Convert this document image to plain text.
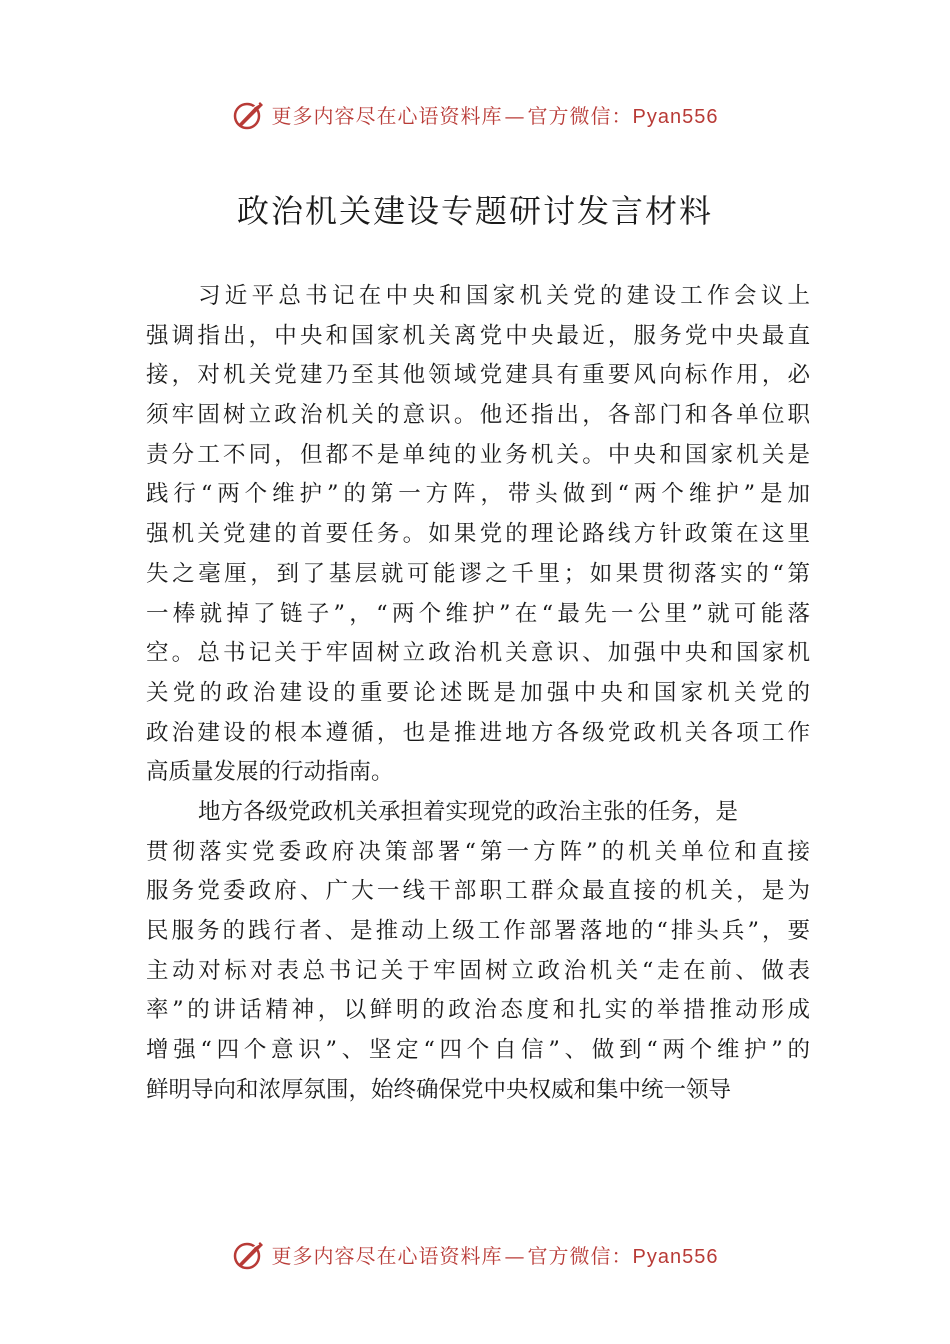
更多内容尽在心语资料库 — 官方微信：Pyan556
政治机关建设专题研讨发言材料
习近平总书记在中央和国家机关党的建设工作会议上
强调指出，中央和国家机关离党中央最近，服务党中央最直
接，对机关党建乃至其他领域党建具有重要风向标作用，必
须牢固树立政治机关的意识。他还指出，各部门和各单位职
责分工不同，但都不是单纯的业务机关。中央和国家机关是
践行“两个维护”的第一方阵，带头做到“两个维护”是加
强机关党建的首要任务。如果党的理论路线方针政策在这里
失之毫厘，到了基层就可能谬之千里；如果贯彻落实的“第
一棒就掉了链子”，“两个维护”在“最先一公里”就可能落
空。总书记关于牢固树立政治机关意识、加强中央和国家机
关党的政治建设的重要论述既是加强中央和国家机关党的
政治建设的根本遵循，也是推进地方各级党政机关各项工作
高质量发展的行动指南。
地方各级党政机关承担着实现党的政治主张的任务，是
贯彻落实党委政府决策部署“第一方阵”的机关单位和直接
服务党委政府、广大一线干部职工群众最直接的机关，是为
民服务的践行者、是推动上级工作部署落地的“排头兵”，要
主动对标对表总书记关于牢固树立政治机关“走在前、做表
率”的讲话精神，以鲜明的政治态度和扎实的举措推动形成
增强“四个意识”、坚定“四个自信”、做到“两个维护”的
鲜明导向和浓厚氛围，始终确保党中央权威和集中统一领导
更多内容尽在心语资料库 — 官方微信：Pyan556
